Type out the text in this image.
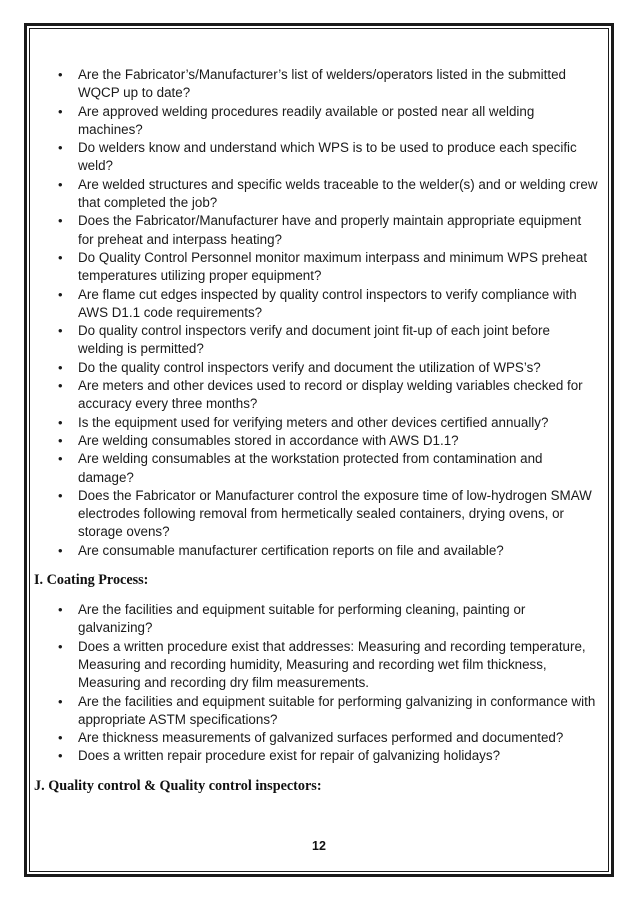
• Are the Fabricator’s/Manufacturer’s list of welders/operators listed in the submitted WQCP up to date?
• Are approved welding procedures readily available or posted near all welding machines?
• Do welders know and understand which WPS is to be used to produce each specific weld?
• Are welded structures and specific welds traceable to the welder(s) and or welding crew that completed the job?
• Does the Fabricator/Manufacturer have and properly maintain appropriate equipment for preheat and interpass heating?
• Do Quality Control Personnel monitor maximum interpass and minimum WPS preheat temperatures utilizing proper equipment?
• Are flame cut edges inspected by quality control inspectors to verify compliance with AWS D1.1 code requirements?
• Do quality control inspectors verify and document joint fit-up of each joint before welding is permitted?
• Do the quality control inspectors verify and document the utilization of WPS’s?
• Are meters and other devices used to record or display welding variables checked for accuracy every three months?
• Is the equipment used for verifying meters and other devices certified annually?
• Are welding consumables stored in accordance with AWS D1.1?
• Are welding consumables at the workstation protected from contamination and damage?
• Does the Fabricator or Manufacturer control the exposure time of low-hydrogen SMAW electrodes following removal from hermetically sealed containers, drying ovens, or storage ovens?
• Are consumable manufacturer certification reports on file and available?
I. Coating Process:
• Are the facilities and equipment suitable for performing cleaning, painting or galvanizing?
• Does a written procedure exist that addresses: Measuring and recording temperature, Measuring and recording humidity, Measuring and recording wet film thickness, Measuring and recording dry film measurements.
• Are the facilities and equipment suitable for performing galvanizing in conformance with appropriate ASTM specifications?
• Are thickness measurements of galvanized surfaces performed and documented?
• Does a written repair procedure exist for repair of galvanizing holidays?
J. Quality control & Quality control inspectors:
12
